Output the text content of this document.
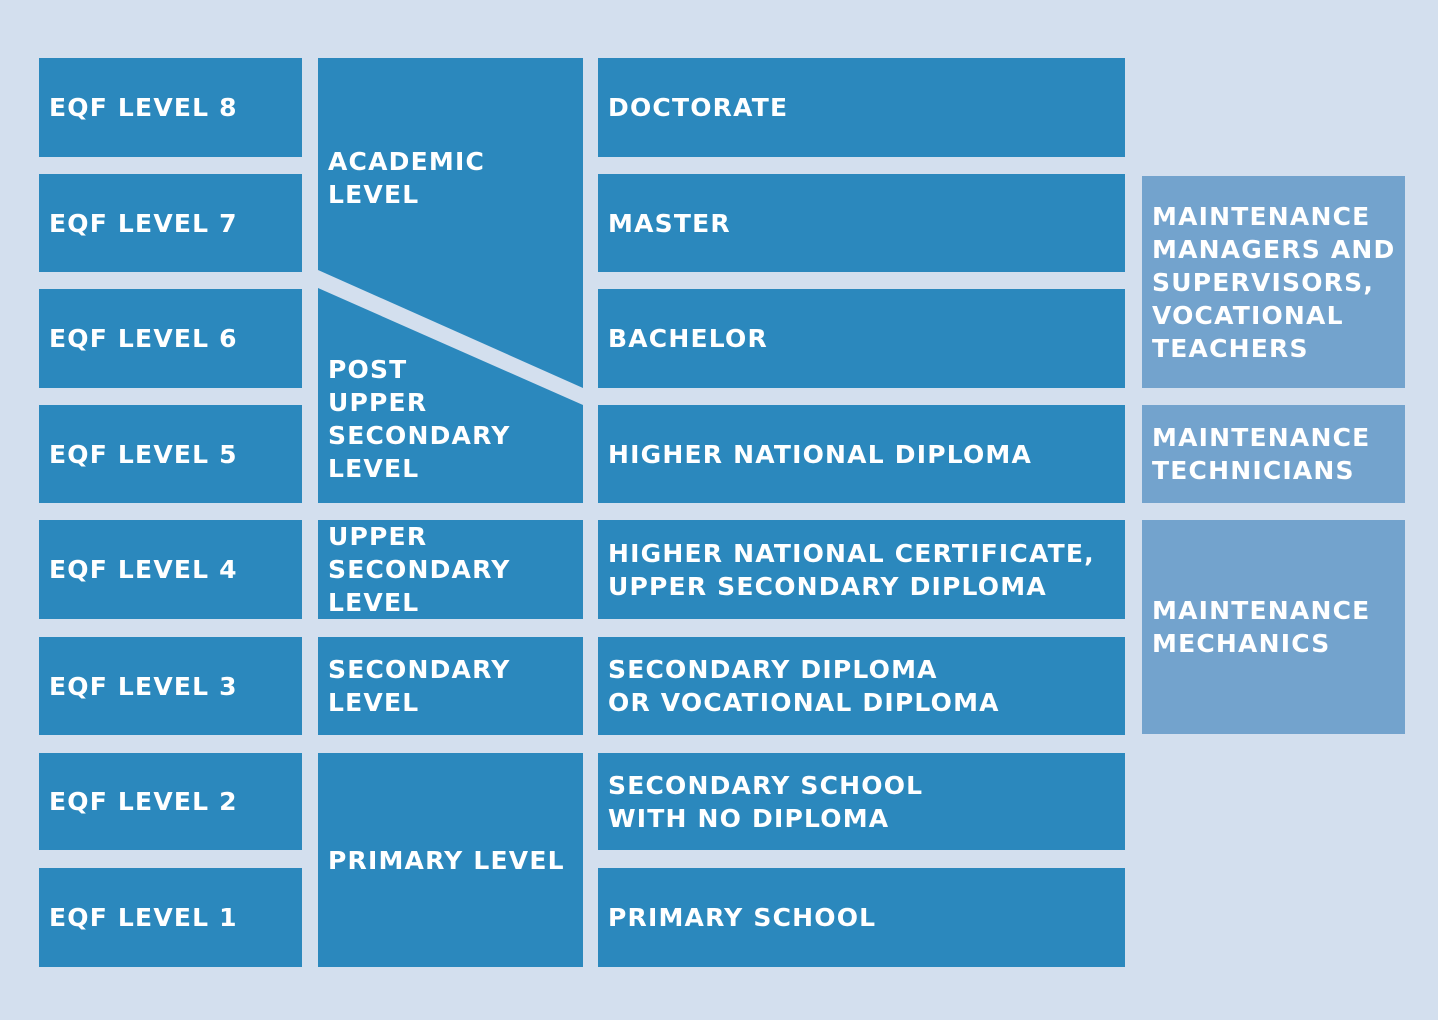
EQF LEVEL 8
EQF LEVEL 7
EQF LEVEL 6
EQF LEVEL 5
EQF LEVEL 4
EQF LEVEL 3
EQF LEVEL 2
EQF LEVEL 1
ACADEMIC
LEVEL
POST
UPPER
SECONDARY
LEVEL
UPPER
SECONDARY
LEVEL
SECONDARY
LEVEL
PRIMARY LEVEL
DOCTORATE
MASTER
BACHELOR
HIGHER NATIONAL DIPLOMA
HIGHER NATIONAL CERTIFICATE,
UPPER SECONDARY DIPLOMA
SECONDARY DIPLOMA
OR VOCATIONAL DIPLOMA
SECONDARY SCHOOL
WITH NO DIPLOMA
PRIMARY SCHOOL
MAINTENANCE
MANAGERS AND
SUPERVISORS,
VOCATIONAL
TEACHERS
MAINTENANCE
TECHNICIANS
MAINTENANCE
MECHANICS
